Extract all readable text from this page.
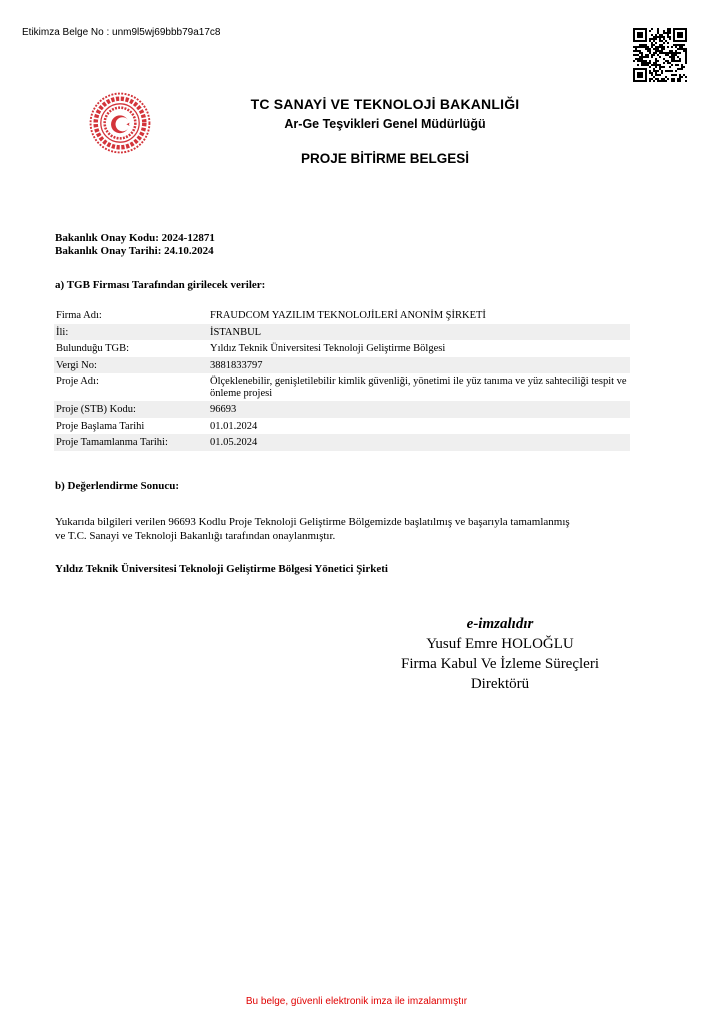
Etikimza Belge No : unm9l5wj69bbb79a17c8
TC SANAYİ VE TEKNOLOJİ BAKANLIĞI
Ar-Ge Teşvikleri Genel Müdürlüğü
PROJE BİTİRME BELGESİ
Bakanlık Onay Kodu: 2024-12871
Bakanlık Onay Tarihi: 24.10.2024
a) TGB Firması Tarafından girilecek veriler:
Firma Adı:	FRAUDCOM YAZILIM TEKNOLOJİLERİ ANONİM ŞİRKETİ
İli:	İSTANBUL
Bulunduğu TGB:	Yıldız Teknik Üniversitesi Teknoloji Geliştirme Bölgesi
Vergi No:	3881833797
Proje Adı:	Ölçeklenebilir, genişletilebilir kimlik güvenliği, yönetimi ile yüz tanıma ve yüz sahteciliği tespit ve önleme projesi
Proje (STB) Kodu:	96693
Proje Başlama Tarihi	01.01.2024
Proje Tamamlanma Tarihi:	01.05.2024
b) Değerlendirme Sonucu:
Yukarıda bilgileri verilen 96693 Kodlu Proje Teknoloji Geliştirme Bölgemizde başlatılmış ve başarıyla tamamlanmış ve T.C. Sanayi ve Teknoloji Bakanlığı tarafından onaylanmıştır.
Yıldız Teknik Üniversitesi Teknoloji Geliştirme Bölgesi Yönetici Şirketi
e-imzalıdır
Yusuf Emre HOLOĞLU
Firma Kabul Ve İzleme Süreçleri
Direktörü
Bu belge, güvenli elektronik imza ile imzalanmıştır
